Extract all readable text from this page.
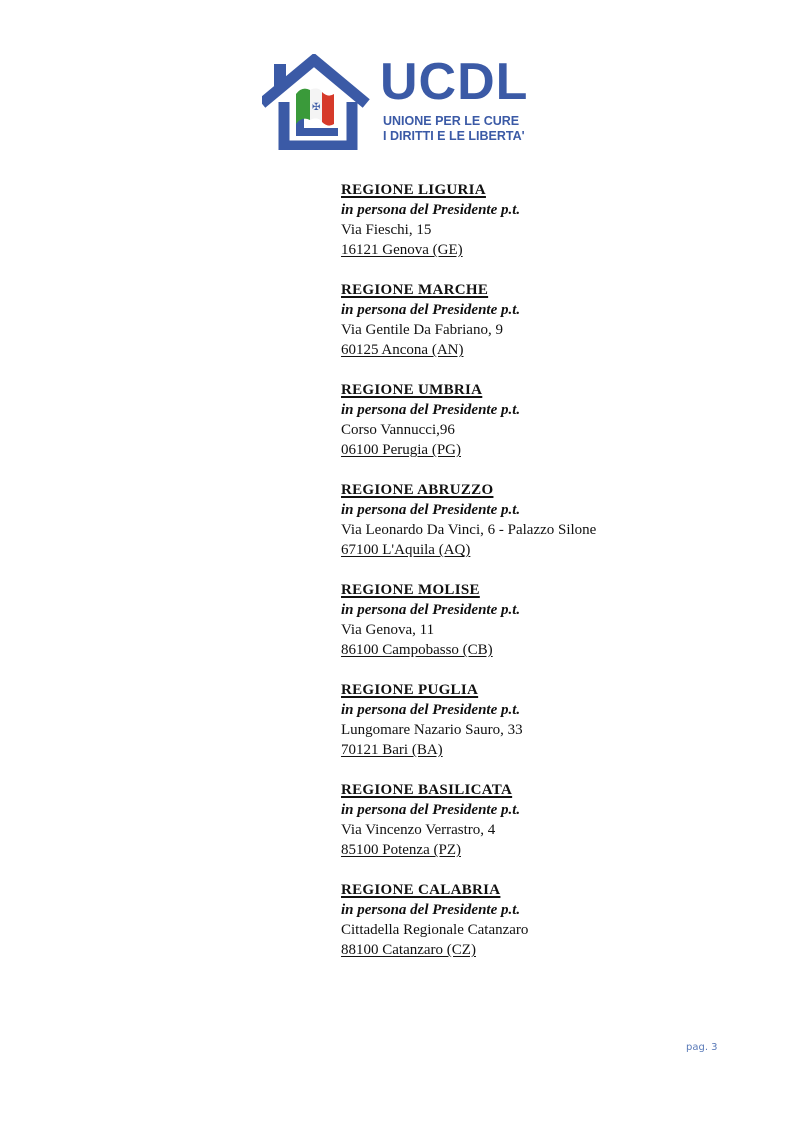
✠ UCDL
UNIONE PER LE CURE
I DIRITTI E LE LIBERTA'
REGIONE LIGURIA
in persona del Presidente p.t.
Via Fieschi, 15
16121 Genova (GE)
REGIONE MARCHE
in persona del Presidente p.t.
Via Gentile Da Fabriano, 9
60125 Ancona (AN)
REGIONE UMBRIA
in persona del Presidente p.t.
Corso Vannucci,96
06100 Perugia (PG)
REGIONE ABRUZZO
in persona del Presidente p.t.
Via Leonardo Da Vinci, 6 - Palazzo Silone
67100 L'Aquila (AQ)
REGIONE MOLISE
in persona del Presidente p.t.
Via Genova, 11
86100 Campobasso (CB)
REGIONE PUGLIA
in persona del Presidente p.t.
Lungomare Nazario Sauro, 33
70121 Bari (BA)
REGIONE BASILICATA
in persona del Presidente p.t.
Via Vincenzo Verrastro, 4
85100 Potenza (PZ)
REGIONE CALABRIA
in persona del Presidente p.t.
Cittadella Regionale Catanzaro
88100 Catanzaro (CZ)
pag. 3
